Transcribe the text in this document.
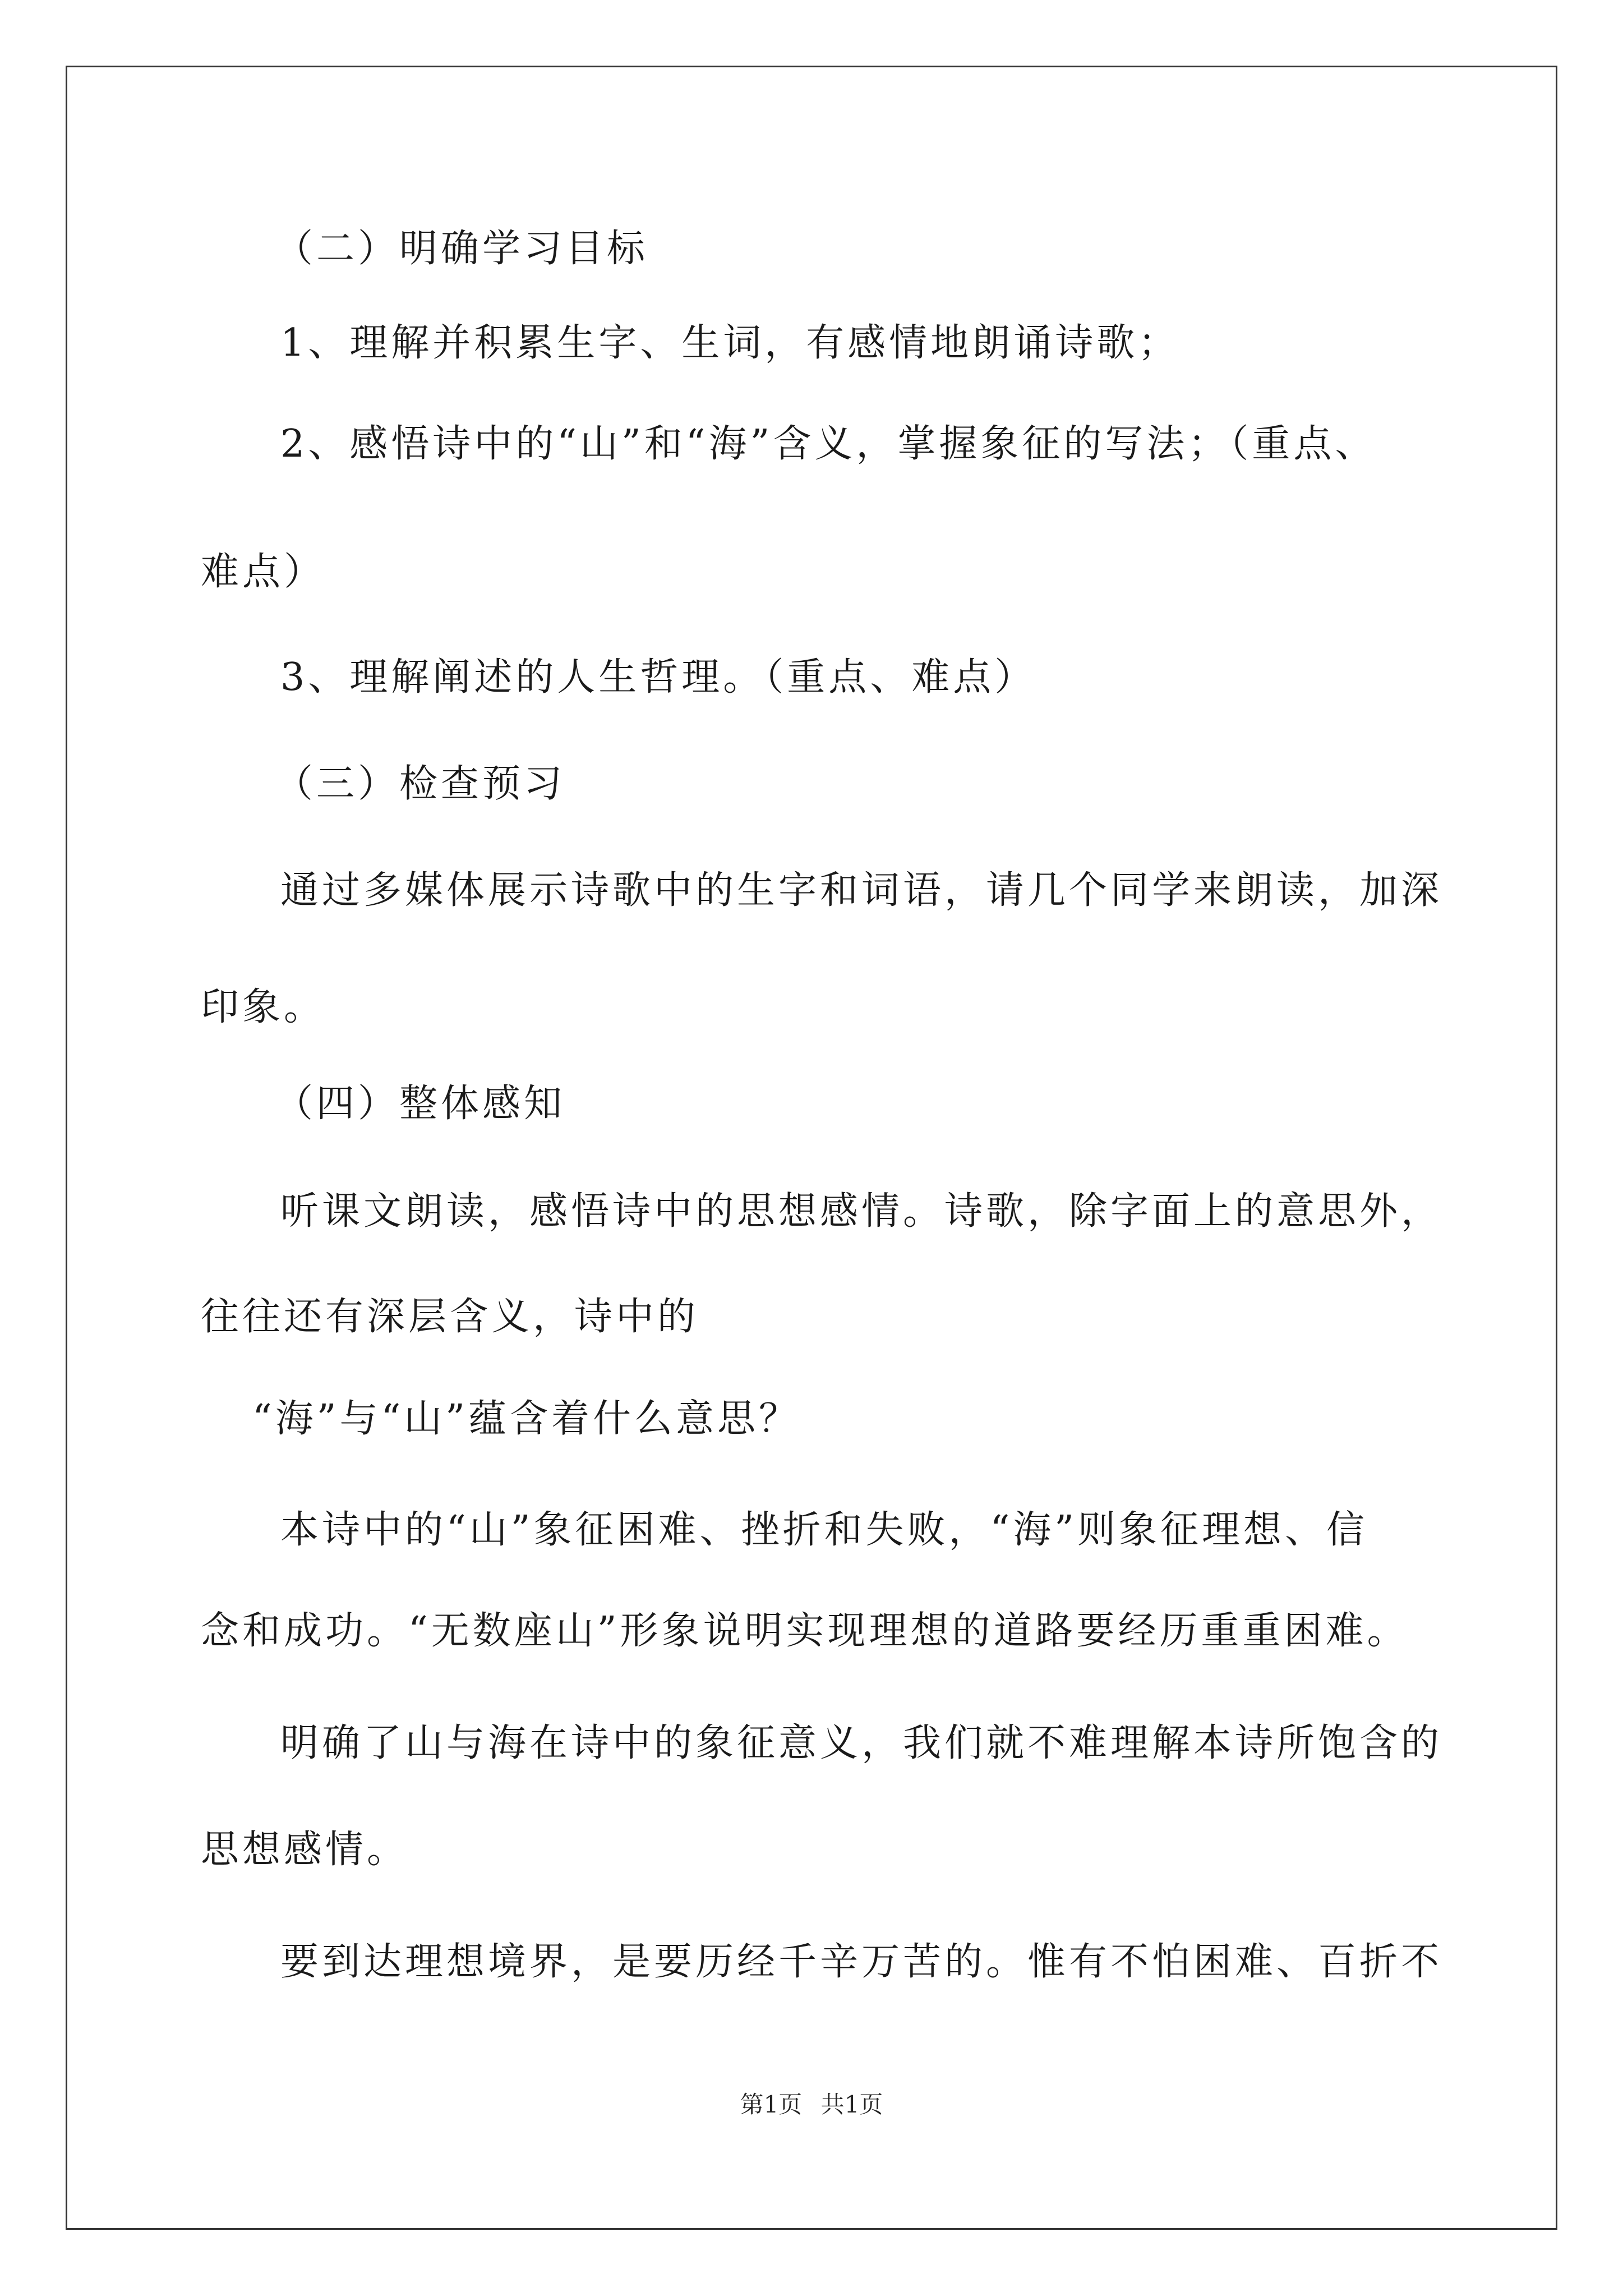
（二）明确学习目标
1、理解并积累生字、生词，有感情地朗诵诗歌；
2、感悟诗中的“山”和“海”含义，掌握象征的写法；（重点、
难点）
3、理解阐述的人生哲理。（重点、难点）
（三）检查预习
通过多媒体展示诗歌中的生字和词语，请几个同学来朗读，加深
印象。
（四）整体感知
听课文朗读，感悟诗中的思想感情。诗歌，除字面上的意思外，
往往还有深层含义，诗中的
“海”与“山”蕴含着什么意思？
本诗中的“山”象征困难、挫折和失败，“海”则象征理想、信
念和成功。“无数座山”形象说明实现理想的道路要经历重重困难。
明确了山与海在诗中的象征意义，我们就不难理解本诗所饱含的
思想感情。
要到达理想境界，是要历经千辛万苦的。惟有不怕困难、百折不
第1页 共1页
